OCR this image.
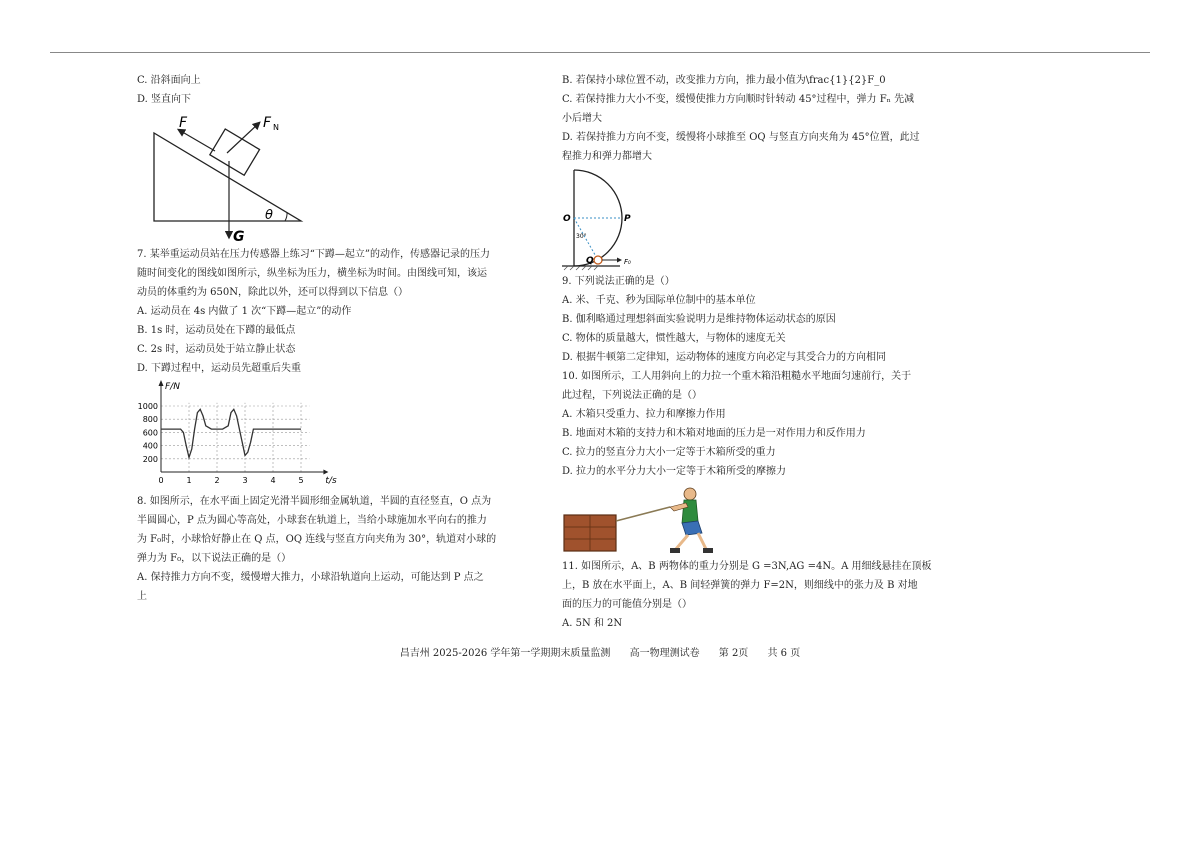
C. 沿斜面向上

D. 竖直向下

F	F N
θ
G

7. 某举重运动员站在压力传感器上练习“下蹲—起立”的动作，传感器记录的压力

随时间变化的图线如图所示，纵坐标为压力，横坐标为时间。由图线可知，该运

动员的体重约为 650N，除此以外，还可以得到以下信息（）

A. 运动员在 4s 内做了 1 次“下蹲—起立”的动作

B. 1s 时，运动员处在下蹲的最低点

C. 2s 时，运动员处于站立静止状态

D. 下蹲过程中，运动员先超重后失重

1000
800
600
400
200
0	1	2	3	4	5
F/N
t/s

8. 如图所示，在水平面上固定光滑半圆形细金属轨道，半圆的直径竖直，O 点为

半圆圆心，P 点为圆心等高处，小球套在轨道上，当给小球施加水平向右的推力

为 F₀时，小球恰好静止在 Q 点，OQ 连线与竖直方向夹角为 30°，轨道对小球的

弹力为 F₀，以下说法正确的是（）

A. 保持推力方向不变，缓慢增大推力，小球沿轨道向上运动，可能达到 P 点之

上

B. 若保持小球位置不动，改变推力方向，推力最小值为\frac{1}{2}F_0

C. 若保持推力大小不变，缓慢使推力方向顺时针转动 45°过程中，弹力 Fₙ 先减

小后增大

D. 若保持推力方向不变，缓慢将小球推至 OQ 与竖直方向夹角为 45°位置，此过

程推力和弹力都增大

O	P
Q
30°
F₀

9. 下列说法正确的是（）

A. 米、千克、秒为国际单位制中的基本单位

B. 伽利略通过理想斜面实验说明力是维持物体运动状态的原因

C. 物体的质量越大，惯性越大，与物体的速度无关

D. 根据牛顿第二定律知，运动物体的速度方向必定与其受合力的方向相同

10. 如图所示，工人用斜向上的力拉一个重木箱沿粗糙水平地面匀速前行，关于

此过程，下列说法正确的是（）

A. 木箱只受重力、拉力和摩擦力作用

B. 地面对木箱的支持力和木箱对地面的压力是一对作用力和反作用力

C. 拉力的竖直分力大小一定等于木箱所受的重力

D. 拉力的水平分力大小一定等于木箱所受的摩擦力

11. 如图所示，A、B 两物体的重力分别是 G =3N,AG =4N。A 用细线悬挂在顶板

上，B 放在水平面上，A、B 间轻弹簧的弹力 F=2N，则细线中的张力及 B 对地

面的压力的可能值分别是（）

A. 5N 和 2N

昌吉州 2025-2026 学年第一学期期末质量监测 高一物理测试卷 第 2页 共 6 页
